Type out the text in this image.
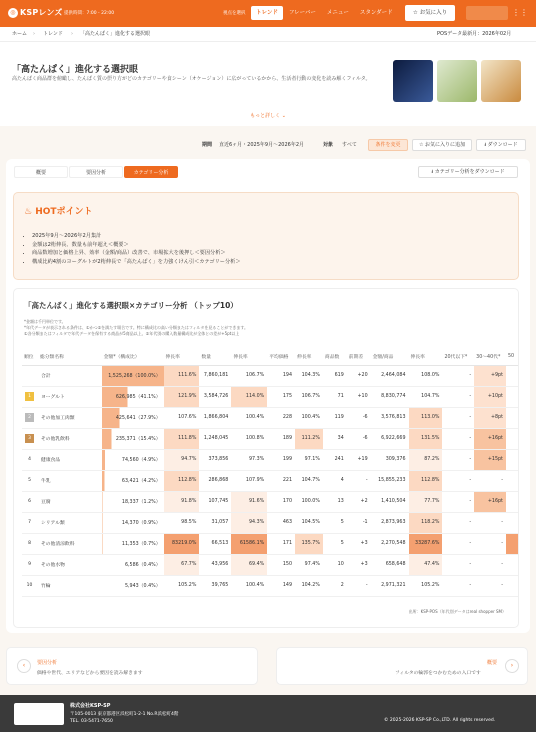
◎ KSPレンズ 提供時間：7:00 - 22:00	視点を選択	トレンド	フレーバー	メニュー	スタンダード	☆ お気に入り	⋮⋮
ホーム › トレンド › 「高たんぱく」進化する選択眼	POSデータ最新月：2026年02月
「高たんぱく」進化する選択眼

高たんぱく商品群を俯瞰し、たんぱく質の摂り方がどのカテゴリーや食シーン（オケージョン）に広がっているかから、生活者行動の変化を読み解くフィルタ。

もっと詳しく ⌄
期間 直近6ヶ月・2025年9月〜2026年2月	対象 すべて	条件を変更	☆ お気に入りに追加	⭳ ダウンロード
概要	要因分析	カテゴリー分析	⭳ カテゴリー分析をダウンロード
♨ HOTポイント
• 2025年9月〜2026年2月集計
• 金額は2桁伸長、数量も前年超え＜概要＞
• 商品数増加と価格上昇、効率（金額/商品）改善で、市場拡大を後押し＜要因分析＞
• 構成比約4割のヨーグルトが2桁伸長で「高たんぱく」を力強くけん引＜カテゴリー分析＞
「高たんぱく」進化する選択眼×カテゴリー分析 （トップ10）
*金額は千円単位です。
*年代データが表示される条件は、①かつ②を満たす場合です。特に構成比の高い分類またはフィルタを見ることができます。
①各分類またはフィルタで年代データを保有する商品が5商品以上、②年代別の購入数量構成比が全体との差が+5pt以上
順位	総分類名称	金額*（構成比）	伸長率	数量	伸長率	平均価格	伸長率	商品数	前期差	金額/商品	伸長率	20代以下*	30〜40代*	50
	合計	1,525,268（100.0%）	111.6%	7,860,181	106.7%	194	104.3%	619	+20	2,464,084	108.0%	-	+9pt	
1	ヨーグルト	626,985（41.1%）	121.9%	3,584,726	114.0%	175	106.7%	71	+10	8,830,774	104.7%	-	+10pt	
2	その他加工肉類	425,641（27.9%）	107.6%	1,866,804	100.4%	228	100.4%	119	-6	3,576,813	113.0%	-	+8pt	
3	その他乳飲料	235,371（15.4%）	111.8%	1,248,045	100.8%	189	111.2%	34	-6	6,922,669	131.5%	-	+16pt	
4	健康食品	74,560（4.9%）	94.7%	373,856	97.3%	199	97.1%	241	+19	309,376	87.2%	-	+15pt	
5	牛乳	63,421（4.2%）	112.8%	286,868	107.9%	221	104.7%	4	-	15,855,233	112.8%	-	-	
6	豆腐	18,337（1.2%）	91.8%	107,745	91.6%	170	100.0%	13	+2	1,410,504	77.7%	-	+16pt	
7	シリアル類	14,370（0.9%）	98.5%	31,057	94.3%	463	104.5%	5	-1	2,873,963	118.2%	-	-	
8	その他清涼飲料	11,353（0.7%）	83219.0%	66,513	61586.1%	171	135.7%	5	+3	2,270,548	33287.6%	-	-	
9	その他水物	6,586（0.4%）	67.7%	43,956	69.4%	150	97.4%	10	+3	658,648	47.4%	-	-	
10	竹輪	5,943（0.4%）	105.2%	39,765	100.4%	149	104.2%	2	-	2,971,321	105.2%	-	-	
出所：KSP-POS（年代別データはreal shopper SM）
‹	要因分析
価格や世代、エリアなどから要因を読み解きます
概要
フィルタの輪郭をつかむための入口です
›
株式会社KSP-SP
〒105-0013 東京都港区浜松町1-2-1 No.R浜松町4階
TEL. 03-5471-7650	© 2025-2026 KSP-SP Co.,LTD. All rights reserved.
